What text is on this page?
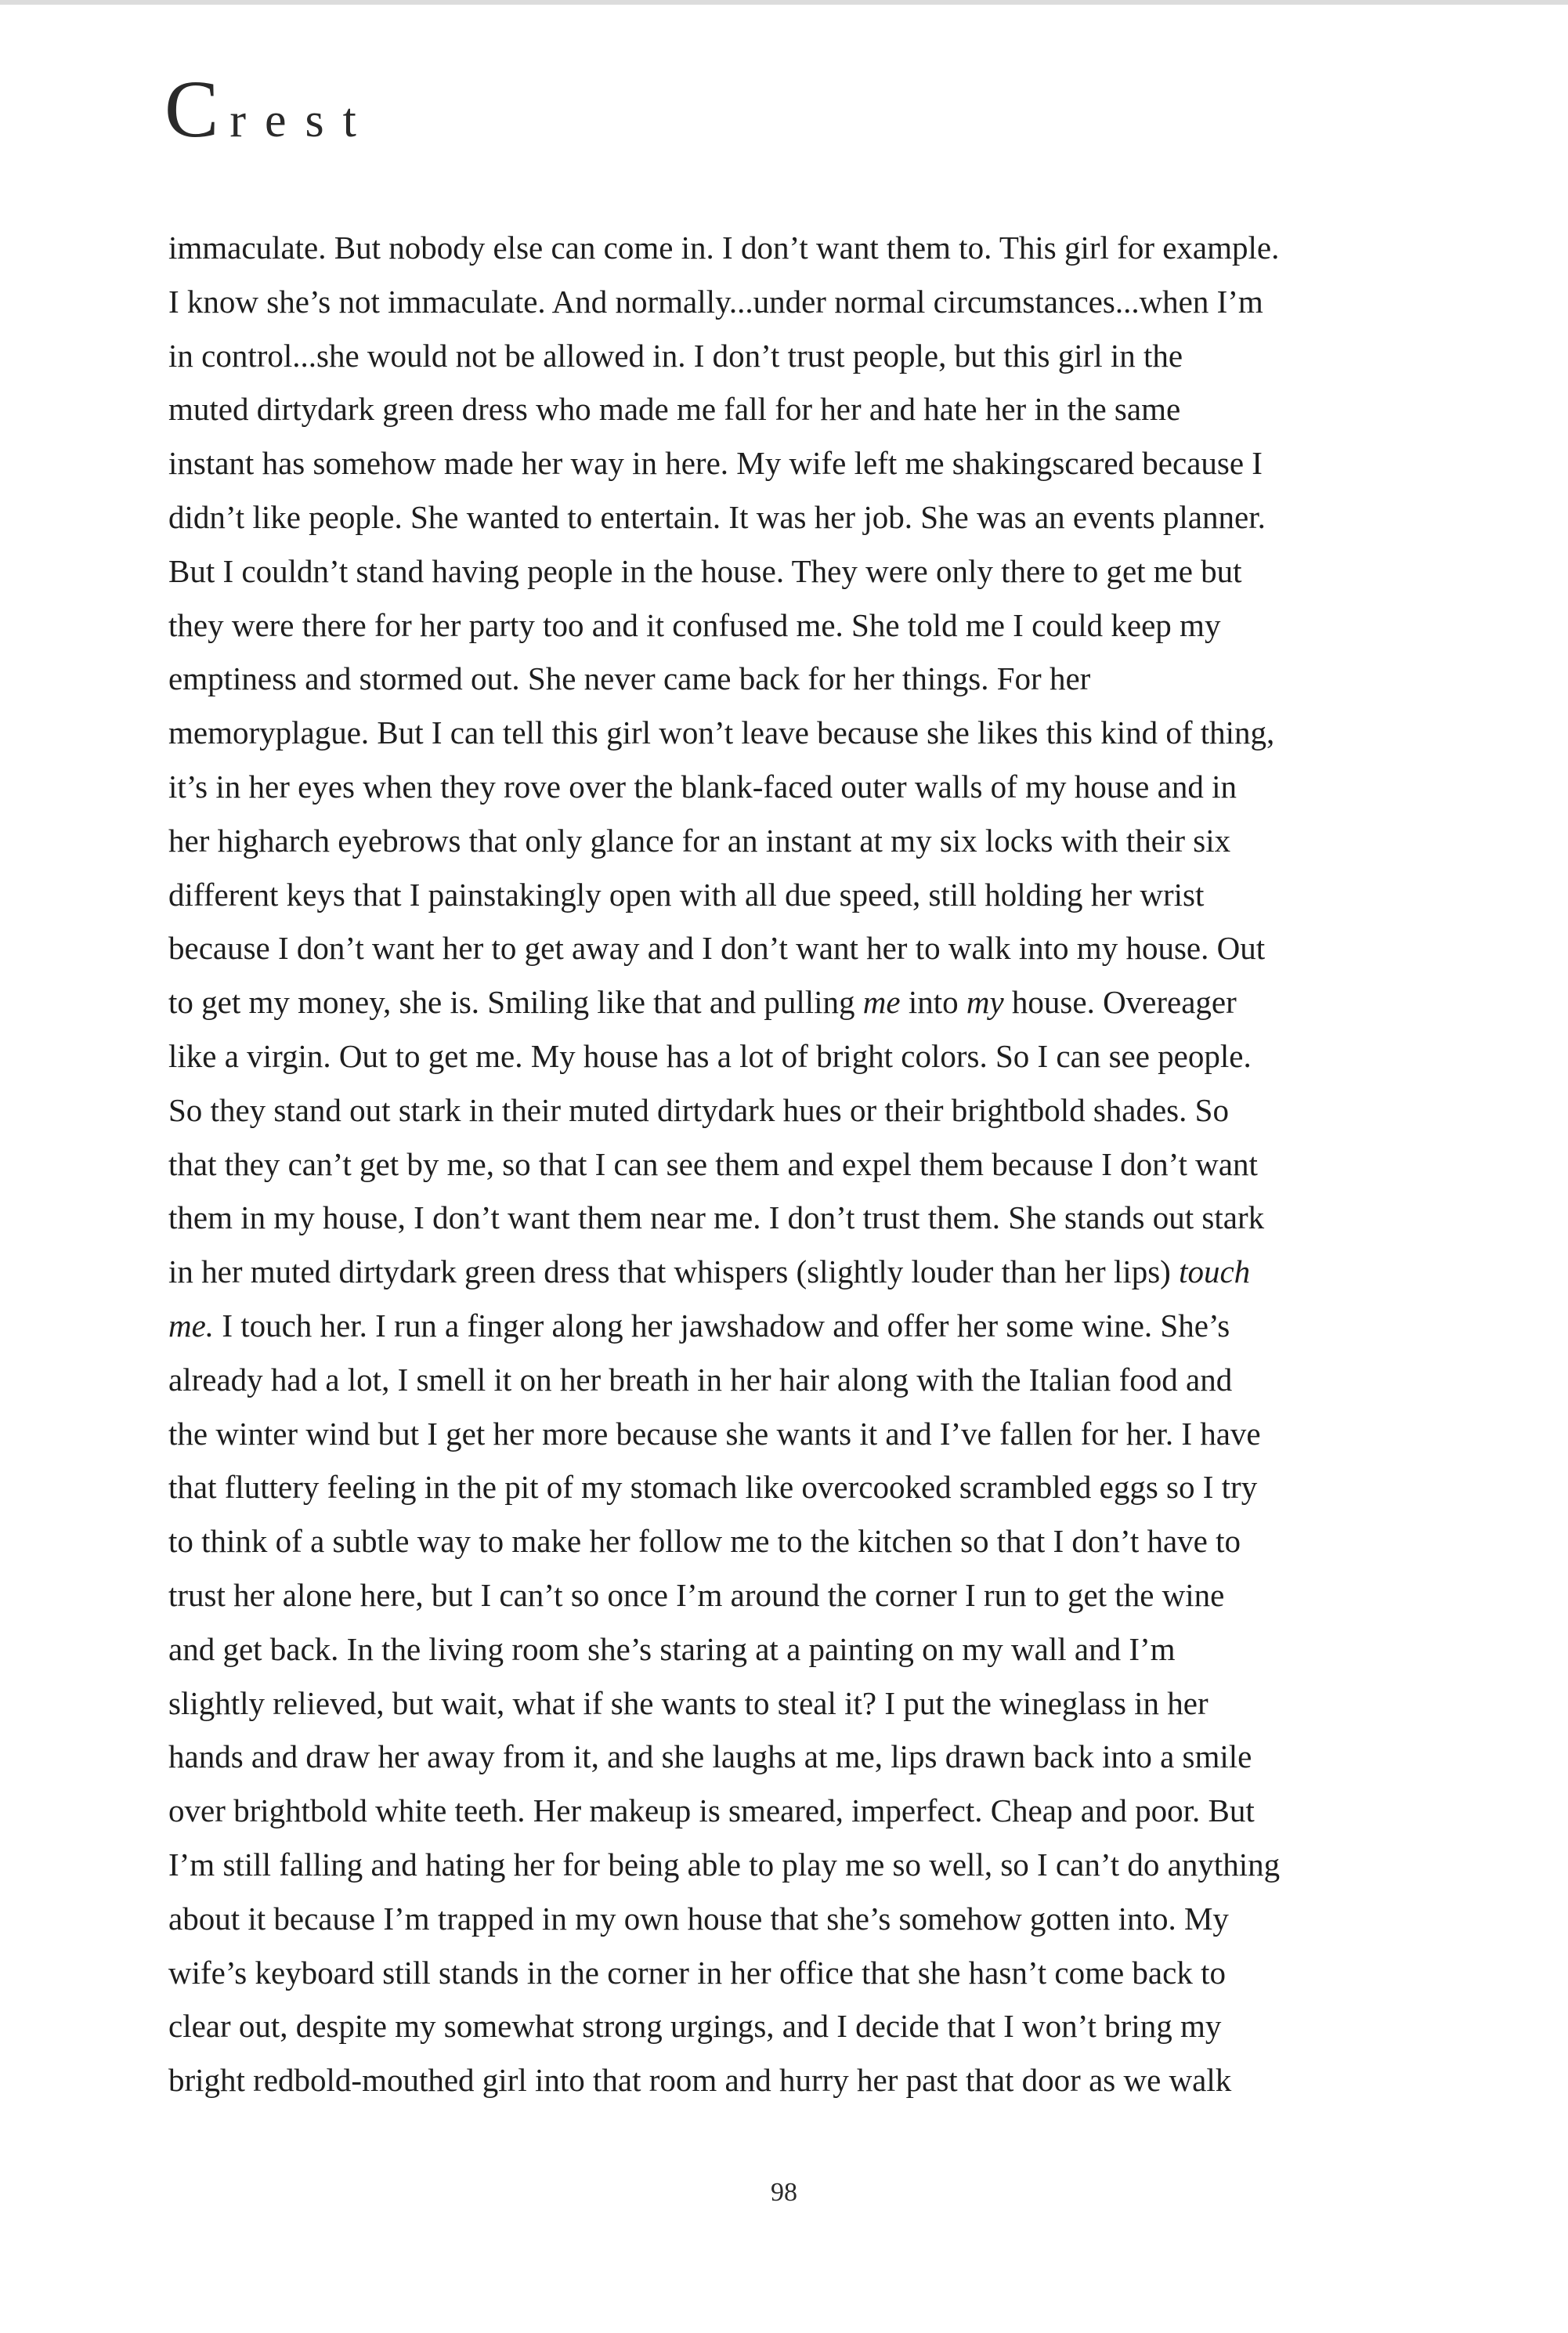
C rest
immaculate. But nobody else can come in. I don’t want them to. This girl for example.
I know she’s not immaculate. And normally...under normal circumstances...when I’m
in control...she would not be allowed in. I don’t trust people, but this girl in the
muted dirtydark green dress who made me fall for her and hate her in the same
instant has somehow made her way in here. My wife left me shakingscared because I
didn’t like people. She wanted to entertain. It was her job. She was an events planner.
But I couldn’t stand having people in the house. They were only there to get me but
they were there for her party too and it confused me. She told me I could keep my
emptiness and stormed out. She never came back for her things. For her
memoryplague. But I can tell this girl won’t leave because she likes this kind of thing,
it’s in her eyes when they rove over the blank-faced outer walls of my house and in
her higharch eyebrows that only glance for an instant at my six locks with their six
different keys that I painstakingly open with all due speed, still holding her wrist
because I don’t want her to get away and I don’t want her to walk into my house. Out
to get my money, she is. Smiling like that and pulling me into my house. Overeager
like a virgin. Out to get me. My house has a lot of bright colors. So I can see people.
So they stand out stark in their muted dirtydark hues or their brightbold shades. So
that they can’t get by me, so that I can see them and expel them because I don’t want
them in my house, I don’t want them near me. I don’t trust them. She stands out stark
in her muted dirtydark green dress that whispers (slightly louder than her lips) touch
me. I touch her. I run a finger along her jawshadow and offer her some wine. She’s
already had a lot, I smell it on her breath in her hair along with the Italian food and
the winter wind but I get her more because she wants it and I’ve fallen for her. I have
that fluttery feeling in the pit of my stomach like overcooked scrambled eggs so I try
to think of a subtle way to make her follow me to the kitchen so that I don’t have to
trust her alone here, but I can’t so once I’m around the corner I run to get the wine
and get back. In the living room she’s staring at a painting on my wall and I’m
slightly relieved, but wait, what if she wants to steal it? I put the wineglass in her
hands and draw her away from it, and she laughs at me, lips drawn back into a smile
over brightbold white teeth. Her makeup is smeared, imperfect. Cheap and poor. But
I’m still falling and hating her for being able to play me so well, so I can’t do anything
about it because I’m trapped in my own house that she’s somehow gotten into. My
wife’s keyboard still stands in the corner in her office that she hasn’t come back to
clear out, despite my somewhat strong urgings, and I decide that I won’t bring my
bright redbold-mouthed girl into that room and hurry her past that door as we walk
98
